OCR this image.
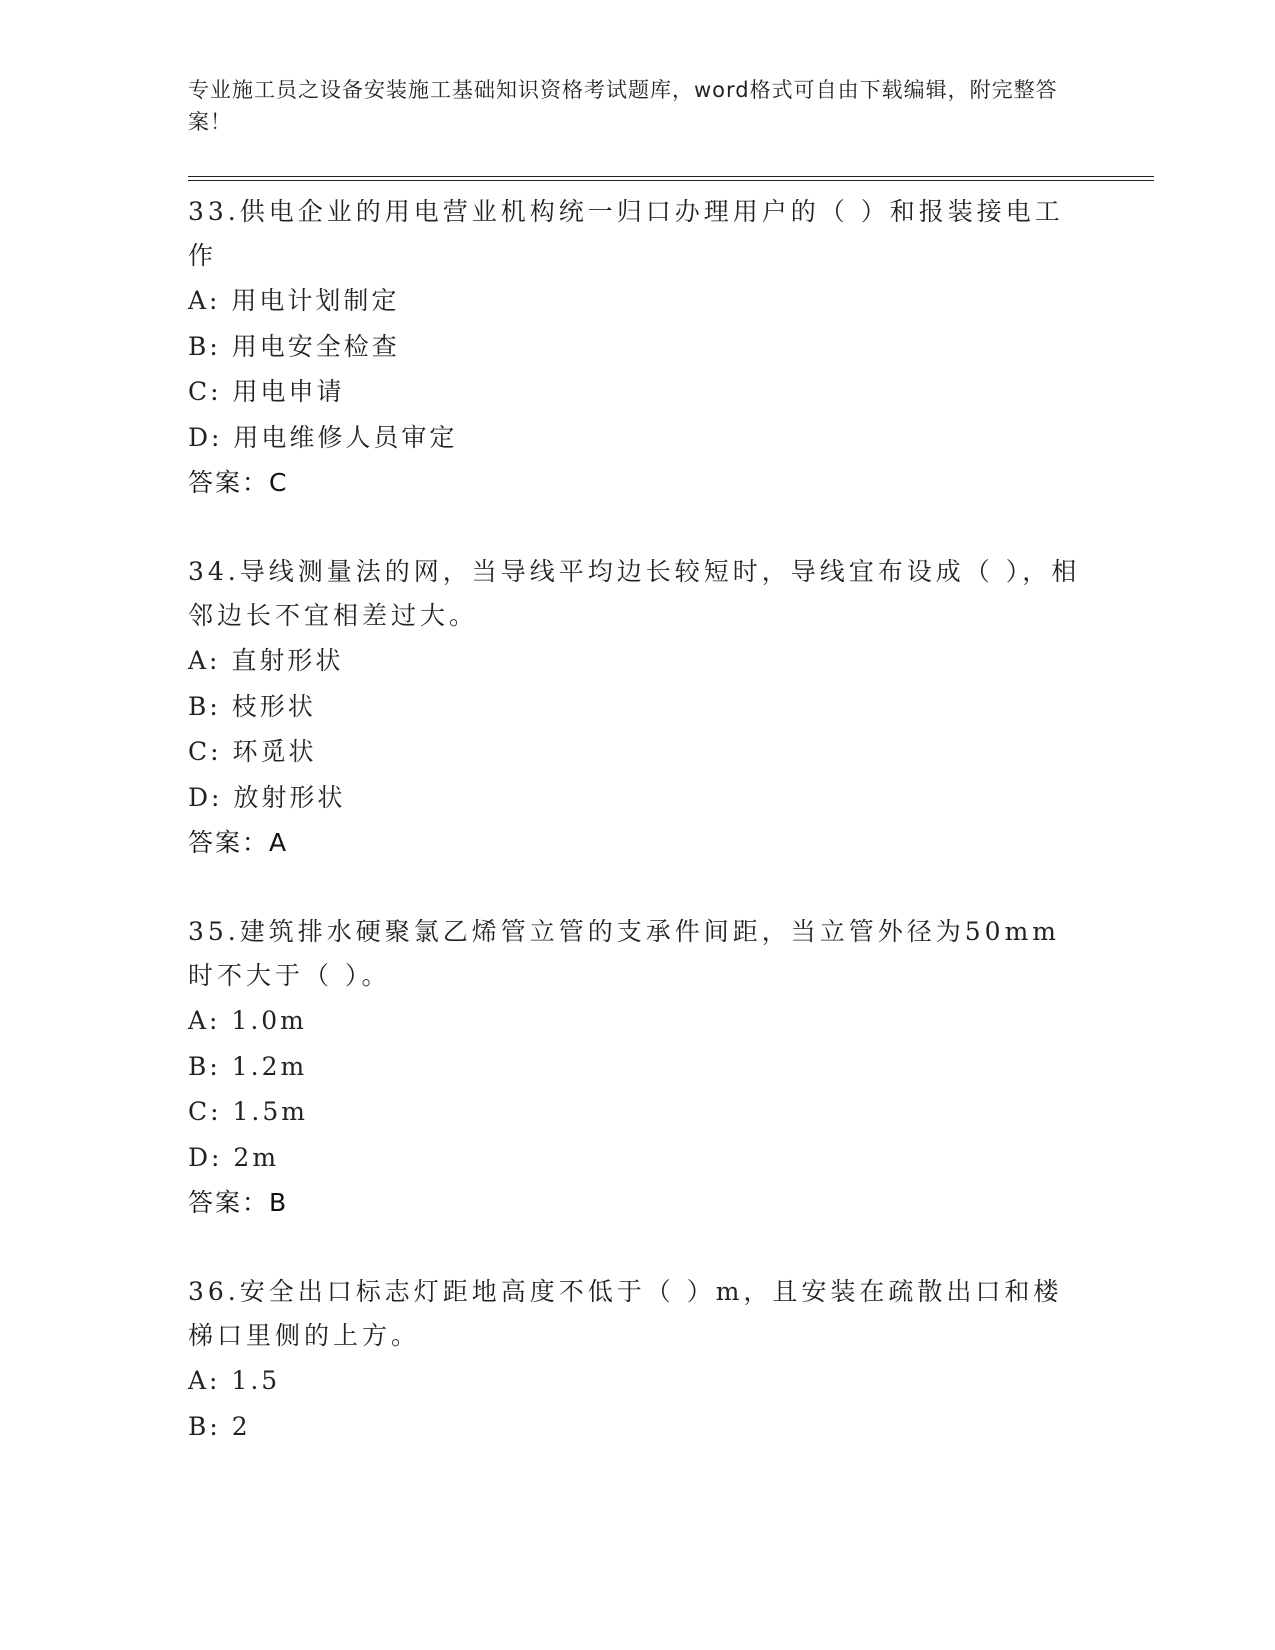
专业施工员之设备安装施工基础知识资格考试题库，word格式可自由下载编辑，附完整答案！
33.供电企业的用电营业机构统一归口办理用户的（ ）和报装接电工作
A: 用电计划制定
B: 用电安全检查
C: 用电申请
D: 用电维修人员审定
答案：C
34.导线测量法的网，当导线平均边长较短时，导线宜布设成（ ），相邻边长不宜相差过大。
A: 直射形状
B: 枝形状
C: 环觅状
D: 放射形状
答案：A
35.建筑排水硬聚氯乙烯管立管的支承件间距，当立管外径为50mm时不大于（ ）。
A: 1.0m
B: 1.2m
C: 1.5m
D: 2m
答案：B
36.安全出口标志灯距地高度不低于（ ）m，且安装在疏散出口和楼梯口里侧的上方。
A: 1.5
B: 2
